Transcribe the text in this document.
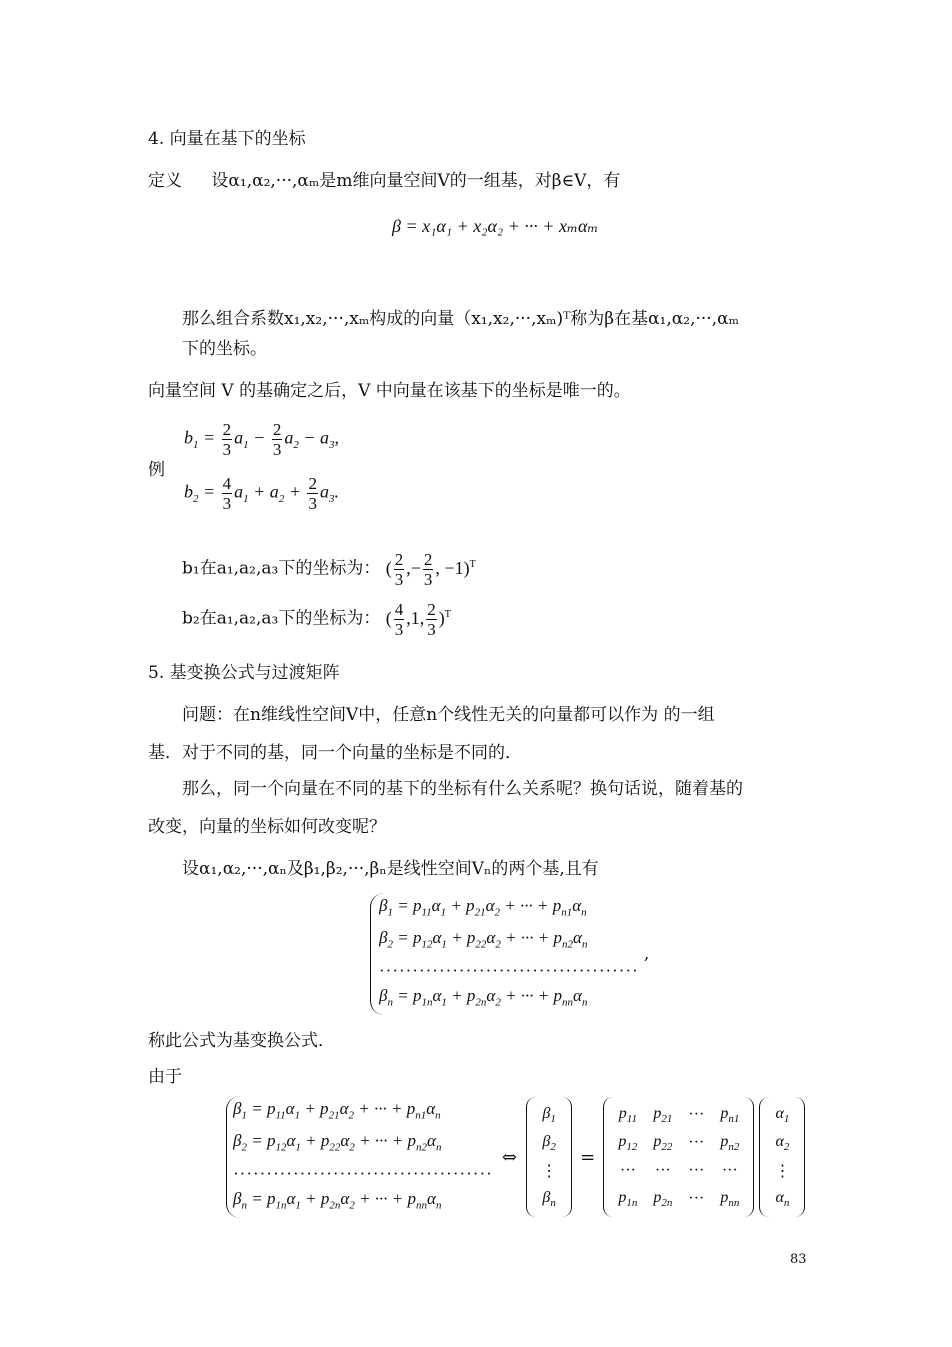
4. 向量在基下的坐标
定义 设α₁,α₂,···,αₘ是m维向量空间V的一组基，对β∈V，有
β = x₁α₁ + x₂α₂ + ··· + xₘαₘ
那么组合系数x₁,x₂,···,xₘ构成的向量（x₁,x₂,···,xₘ)ᵀ称为β在基α₁,α₂,···,αₘ
下的坐标。
向量空间 V 的基确定之后，V 中向量在该基下的坐标是唯一的。
例
$b_1 = \frac{2}{3} a_1 - \frac{2}{3} a_2 - a_3$,
$b_2 = \frac{4}{3} a_1 + a_2 + \frac{2}{3} a_3$.
b₁在a₁,a₂,a₃下的坐标为： ( $\frac{2}{3}$ ,− $\frac{2}{3}$ , −1)$^T$
b₂在a₁,a₂,a₃下的坐标为： ( $\frac{4}{3} ,1$, $\frac{2}{3} )^T$
5. 基变换公式与过渡矩阵
问题：在n维线性空间V中，任意n个线性无关的向量都可以作为 的一组
基．对于不同的基，同一个向量的坐标是不同的．
那么，同一个向量在不同的基下的坐标有什么关系呢？换句话说，随着基的
改变，向量的坐标如何改变呢？
设α₁,α₂,···,αₙ及β₁,β₂,···,βₙ是线性空间Vₙ的两个基,且有
$\beta_1 = p_{11}\alpha_1 + p_{21}\alpha_2$ + ··· + $p_{n1}\alpha_n$
$\beta_2 = p_{12}\alpha_1 + p_{22}\alpha_2$ + ··· + $p_{n2}\alpha_n$
·······································
$\beta_n = p_{1n}\alpha_1 + p_{2n}\alpha_2$ + ··· + $p_{nn}\alpha_n$
,
称此公式为基变换公式．
由于
$\beta_1 = p_{11}\alpha_1 + p_{21}\alpha_2$ + ··· + $p_{n1}\alpha_n$
$\beta_2 = p_{12}\alpha_1 + p_{22}\alpha_2$ + ··· + $p_{n2}\alpha_n$
·······································
$\beta_n = p_{1n}\alpha_1 + p_{2n}\alpha_2$ + ··· + $p_{nn}\alpha_n$
⇔
$\beta_1$
$\beta_2$
⋮
$\beta_n$
=
$p_{11}$	$p_{21}$	···	$p_{n1}$
$p_{12}$	$p_{22}$	···	$p_{n2}$
···	···	···	···
$p_{1n}$	$p_{2n}$	···	$p_{nn}$

$\alpha_1$
$\alpha_2$
⋮
$\alpha_n$
83
